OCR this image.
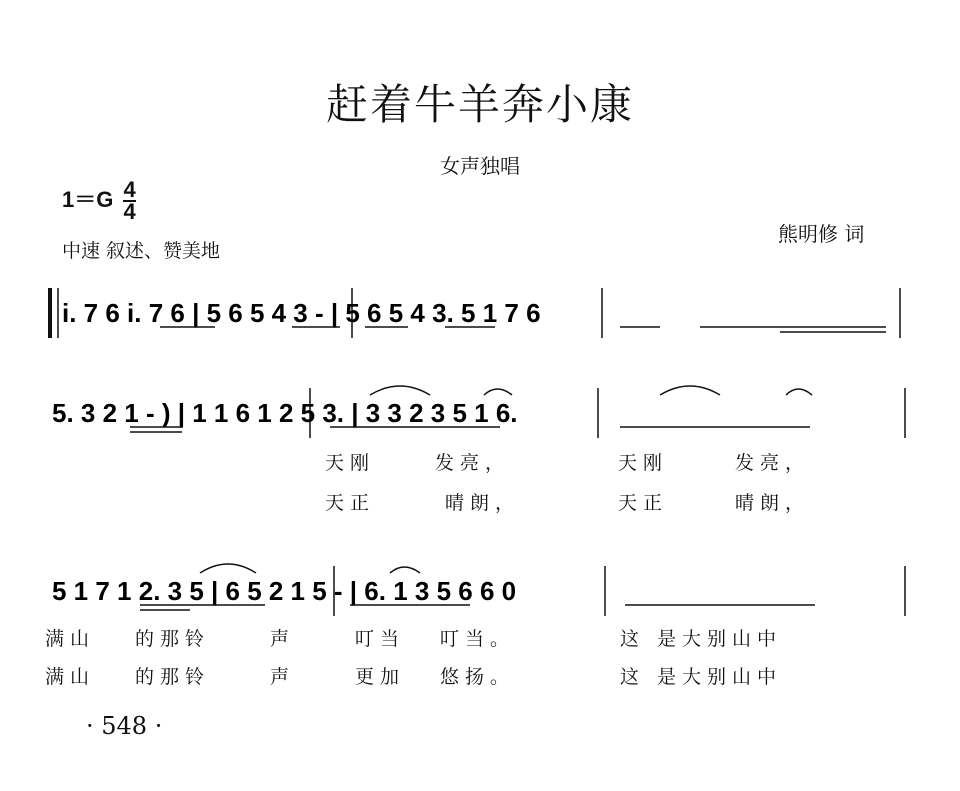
赶着牛羊奔小康
女声独唱
$1=G \frac{4}{4}$
中速 叙述、赞美地
熊明修 词
i. 7 6 i. 7 6 | 5 6 5 4 3 - | 5 6 5 4 3. 5 1 7 6
5. 3 2 1 - ) | 1 1 6 1 2 5 3. | 3 3 2 3 5 1 6.
天刚	发亮，	天刚	发亮，
天正	晴朗，	天正	晴朗，
5 1 7 1 2. 3 5 | 6 5 2 1 5 - | 6. 1 3 5 6 6 0
满山 的那铃	声	叮当 叮当。	这 是大别山中
满山 的那铃	声	更加 悠扬。	这 是大别山中
· 548 ·
